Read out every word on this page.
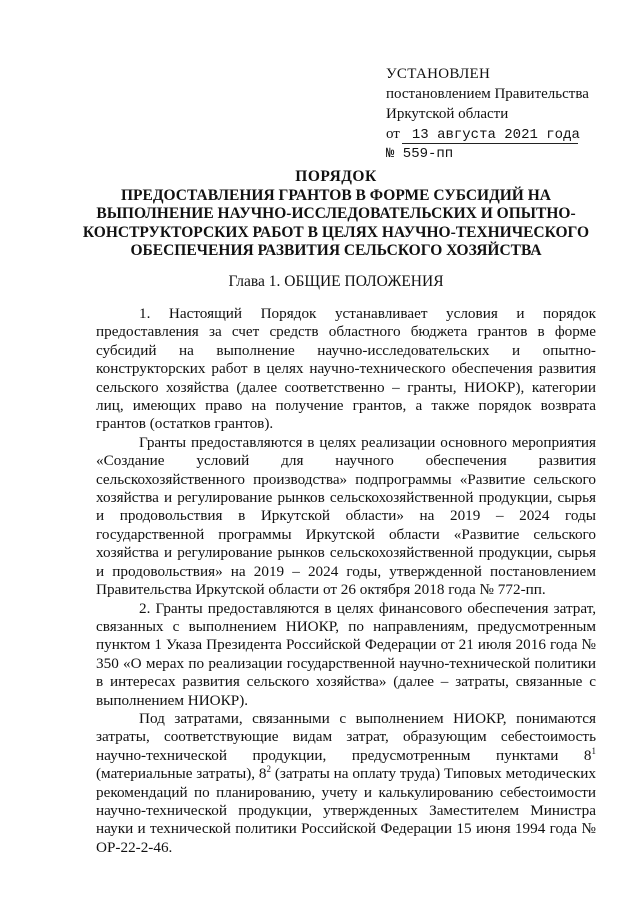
УСТАНОВЛЕН
постановлением Правительства
Иркутской области
от 13 августа 2021 года
№ 559-пп
ПОРЯДОК
ПРЕДОСТАВЛЕНИЯ ГРАНТОВ В ФОРМЕ СУБСИДИЙ НА
ВЫПОЛНЕНИЕ НАУЧНО-ИССЛЕДОВАТЕЛЬСКИХ И ОПЫТНО-
КОНСТРУКТОРСКИХ РАБОТ В ЦЕЛЯХ НАУЧНО-ТЕХНИЧЕСКОГО
ОБЕСПЕЧЕНИЯ РАЗВИТИЯ СЕЛЬСКОГО ХОЗЯЙСТВА
Глава 1. ОБЩИЕ ПОЛОЖЕНИЯ

1. Настоящий Порядок устанавливает условия и порядок предоставления за счет средств областного бюджета грантов в форме субсидий на выполнение научно-исследовательских и опытно-конструкторских работ в целях научно-технического обеспечения развития сельского хозяйства (далее соответственно – гранты, НИОКР), категории лиц, имеющих право на получение грантов, а также порядок возврата грантов (остатков грантов).

Гранты предоставляются в целях реализации основного мероприятия «Создание условий для научного обеспечения развития сельскохозяйственного производства» подпрограммы «Развитие сельского хозяйства и регулирование рынков сельскохозяйственной продукции, сырья и продовольствия в Иркутской области» на 2019 – 2024 годы государственной программы Иркутской области «Развитие сельского хозяйства и регулирование рынков сельскохозяйственной продукции, сырья и продовольствия» на 2019 – 2024 годы, утвержденной постановлением Правительства Иркутской области от 26 октября 2018 года № 772-пп.

2. Гранты предоставляются в целях финансового обеспечения затрат, связанных с выполнением НИОКР, по направлениям, предусмотренным пунктом 1 Указа Президента Российской Федерации от 21 июля 2016 года № 350 «О мерах по реализации государственной научно-технической политики в интересах развития сельского хозяйства» (далее – затраты, связанные с выполнением НИОКР).

Под затратами, связанными с выполнением НИОКР, понимаются затраты, соответствующие видам затрат, образующим себестоимость научно-технической продукции, предусмотренным пунктами $8^1$ (материальные затраты), $8^2$ (затраты на оплату труда) Типовых методических рекомендаций по планированию, учету и калькулированию себестоимости научно-технической продукции, утвержденных Заместителем Министра науки и технической политики Российской Федерации 15 июня 1994 года № ОР-22-2-46.
